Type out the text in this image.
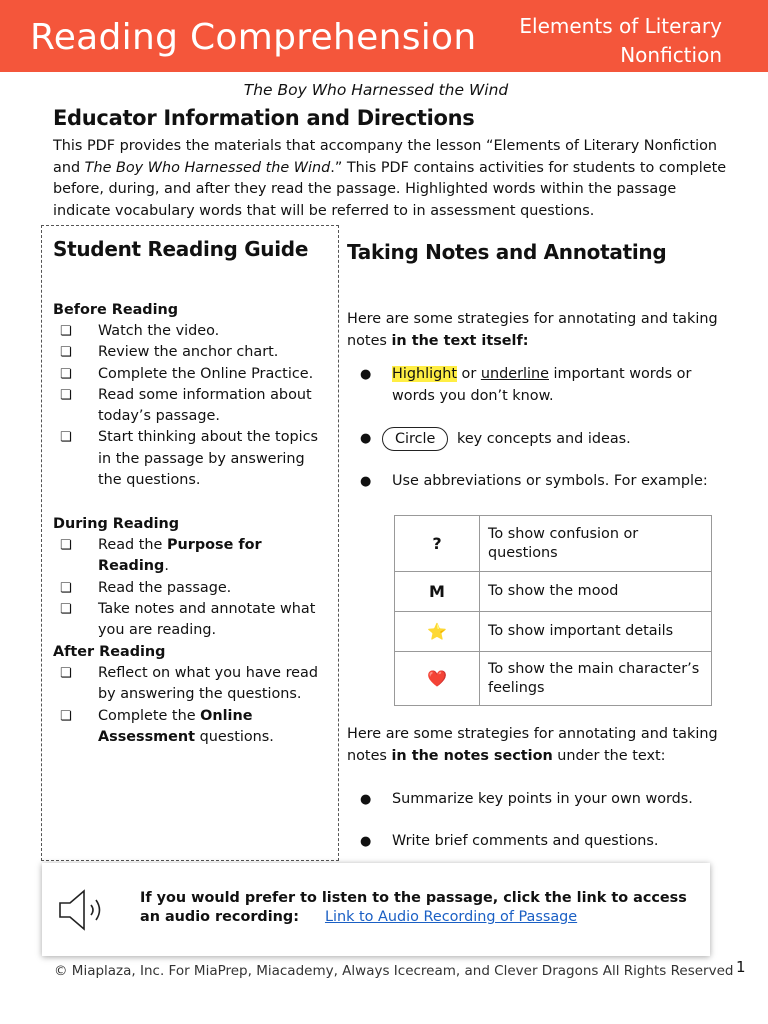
Reading Comprehension	Elements of Literary
Nonfiction
The Boy Who Harnessed the Wind
Educator Information and Directions
This PDF provides the materials that accompany the lesson “Elements of Literary Nonfiction and The Boy Who Harnessed the Wind.” This PDF contains activities for students to complete before, during, and after they read the passage. Highlighted words within the passage indicate vocabulary words that will be referred to in assessment questions.
Student Reading Guide
Before Reading
❏ Watch the video.
❏ Review the anchor chart.
❏ Complete the Online Practice.
❏ Read some information about today’s passage.
❏ Start thinking about the topics in the passage by answering the questions.
During Reading
❏ Read the Purpose for Reading.
❏ Read the passage.
❏ Take notes and annotate what you are reading.
After Reading
❏ Reflect on what you have read by answering the questions.
❏ Complete the Online Assessment questions.
Taking Notes and Annotating
Here are some strategies for annotating and taking notes in the text itself:
● Highlight or underline important words or words you don’t know.
●	Circle key concepts and ideas.
● Use abbreviations or symbols. For example:
?	To show confusion or questions
M	To show the mood
⭐	To show important details
❤️	To show the main character’s feelings
Here are some strategies for annotating and taking notes in the notes section under the text:
● Summarize key points in your own words.
● Write brief comments and questions.
If you would prefer to listen to the passage, click the link to access an audio recording: Link to Audio Recording of Passage
© Miaplaza, Inc. For MiaPrep, Miacademy, Always Icecream, and Clever Dragons All Rights Reserved 1
